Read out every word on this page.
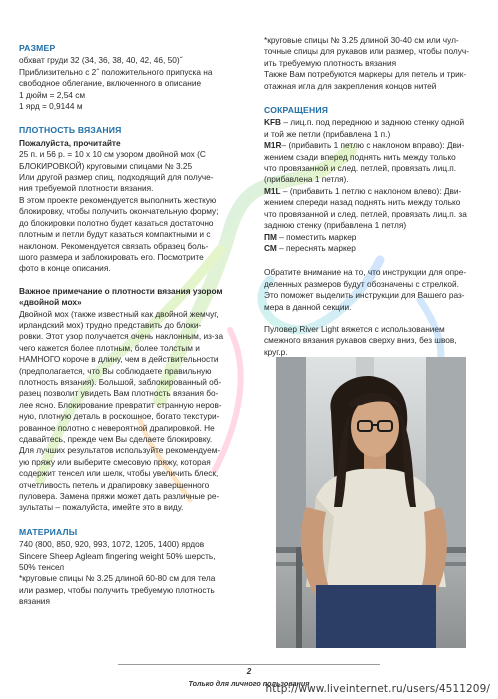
РАЗМЕР
обхват груди 32 (34, 36, 38, 40, 42, 46, 50)˝
Приблизительно с 2˝ положительного припуска на
свободное облегание, включенного в описание
1 дюйм = 2,54 см
1 ярд = 0,9144 м
ПЛОТНОСТЬ ВЯЗАНИЯ
Пожалуйста, прочитайте
25 п. и 56 р. = 10 х 10 см узором двойной мох (С
БЛОКИРОВКОЙ) круговыми спицами № 3.25
Или другой размер спиц, подходящий для получе-
ния требуемой плотности вязания.
В этом проекте рекомендуется выполнить жесткую
блокировку, чтобы получить окончательную форму;
до блокировки полотно будет казаться достаточно
плотным и петли будут казаться компактными и с
наклоном. Рекомендуется связать образец боль-
шого размера и заблокировать его. Посмотрите
фото в конце описания.
Важное примечание о плотности вязания узором «двойной мох»
Двойной мох (также известный как двойной жемчуг,
ирландский мох) трудно представить до блоки-
ровки. Этот узор получается очень наклонным, из-за
чего кажется более плотным, более толстым и
НАМНОГО короче в длину, чем в действительности
(предполагается, что Вы соблюдаете правильную
плотность вязания). Большой, заблокированный об-
разец позволит увидеть Вам плотность вязания бо-
лее ясно. Блокирование превратит странную неров-
ную, плотную деталь в роскошное, богато текстури-
рованное полотно с невероятной драпировкой. Не
сдавайтесь, прежде чем Вы сделаете блокировку.
Для лучших результатов используйте рекомендуем-
ую пряжу или выберите смесовую пряжу, которая
содержит тенсел или шелк, чтобы увеличить блеск,
отчетливость петель и драпировку завершенного
пуловера. Замена пряжи может дать различные ре-
зультаты – пожалуйста, имейте это в виду.
МАТЕРИАЛЫ
740 (800, 850, 920, 993, 1072, 1205, 1400) ярдов
Sincere Sheep Agleam fingering weight 50% шерсть,
50% тенсел
*круговые спицы № 3.25 длиной 60-80 см для тела
или размер, чтобы получить требуемую плотность
вязания
*круговые спицы № 3.25 длиной 30-40 см или чул-
точные спицы для рукавов или размер, чтобы получ-
ить требуемую плотность вязания
Также Вам потребуются маркеры для петель и трик-
отажная игла для закрепления концов нитей
СОКРАЩЕНИЯ
KFB – лиц.п. под переднюю и заднюю стенку одной
и той же петли (прибавлена 1 п.)
M1R– (прибавить 1 петлю с наклоном вправо): Дви-
жением сзади вперед поднять нить между только
что провязанной и след. петлей, провязать лиц.п.
(прибавлена 1 петля).
M1L – (прибавить 1 петлю с наклоном влево): Дви-
жением спереди назад поднять нить между только
что провязанной и след. петлей, провязать лиц.п. за
заднюю стенку (прибавлена 1 петля)
ПМ – поместить маркер
СМ – переснять маркер
Обратите внимание на то, что инструкции для опре-
деленных размеров будут обозначены с стрелкой.
Это поможет выделить инструкции для Вашего раз-
мера в данной секции.
Пуловер River Light вяжется с использованием
смежного вязания рукавов сверху вниз, без швов,
круг.р.
2
Только для личного пользования
http://www.liveinternet.ru/users/4511209/
